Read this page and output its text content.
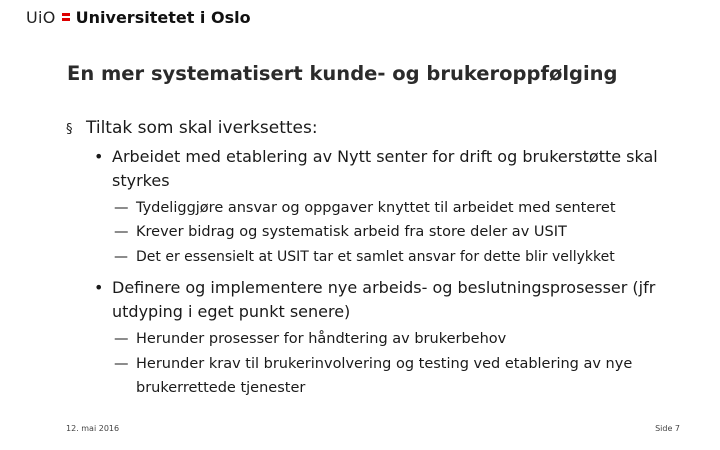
UiO Universitetet i Oslo
En mer systematisert kunde- og brukeroppfølging
§ Tiltak som skal iverksettes:
• Arbeidet med etablering av Nytt senter for drift og brukerstøtte skal styrkes
— Tydeliggjøre ansvar og oppgaver knyttet til arbeidet med senteret
— Krever bidrag og systematisk arbeid fra store deler av USIT
— Det er essensielt at USIT tar et samlet ansvar for dette blir vellykket
• Definere og implementere nye arbeids- og beslutningsprosesser (jfr utdyping i eget punkt senere)
— Herunder prosesser for håndtering av brukerbehov
— Herunder krav til brukerinvolvering og testing ved etablering av nye brukerrettede tjenester
12. mai 2016	Side 7
